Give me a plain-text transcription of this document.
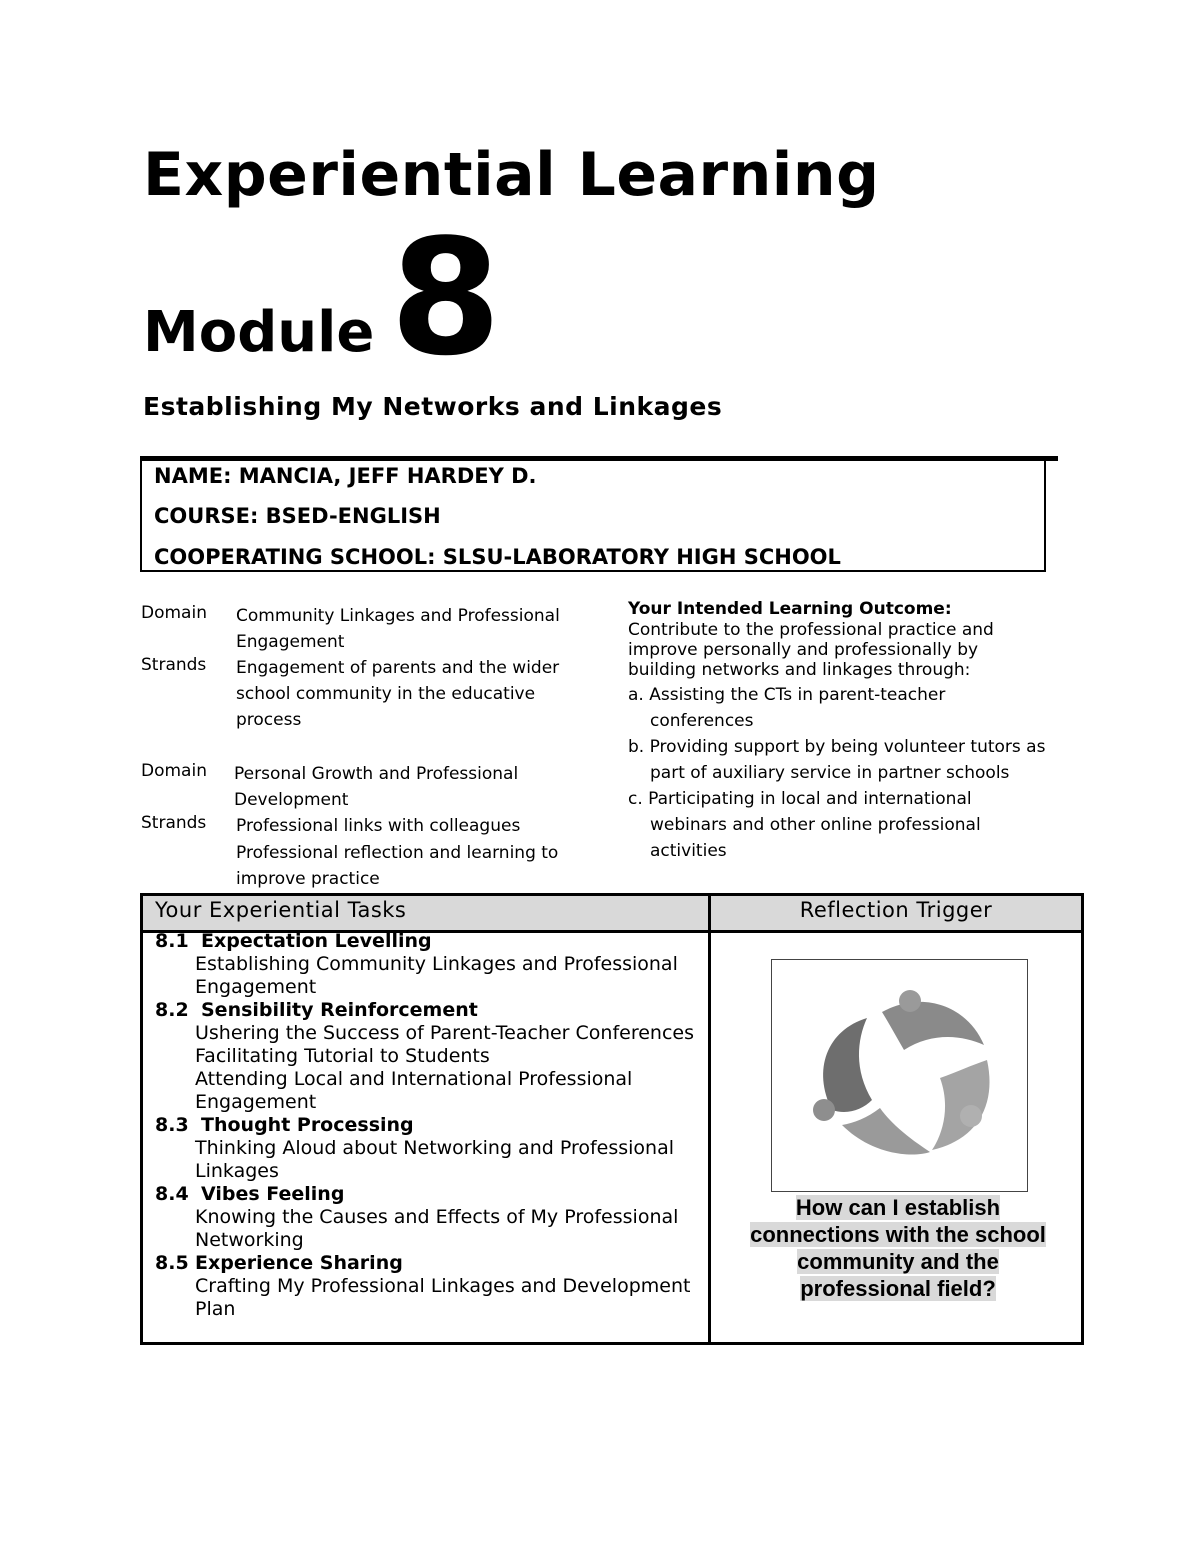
Experiential Learning
Module 8
Establishing My Networks and Linkages
NAME: MANCIA, JEFF HARDEY D.
COURSE: BSED-ENGLISH
COOPERATING SCHOOL: SLSU-LABORATORY HIGH SCHOOL
Domain Community Linkages and Professional Engagement
Strands Engagement of parents and the wider school community in the educative process
Domain Personal Growth and Professional Development
Strands Professional links with colleagues
Professional reflection and learning to improve practice
Your Intended Learning Outcome:
Contribute to the professional practice and improve personally and professionally by building networks and linkages through:
a. Assisting the CTs in parent-teacher conferences
b. Providing support by being volunteer tutors as part of auxiliary service in partner schools
c. Participating in local and international webinars and other online professional activities
Your Experiential Tasks	Reflection Trigger
8.1 Expectation Levelling
Establishing Community Linkages and Professional Engagement
8.2 Sensibility Reinforcement
Ushering the Success of Parent-Teacher Conferences
Facilitating Tutorial to Students
Attending Local and International Professional Engagement
8.3 Thought Processing
Thinking Aloud about Networking and Professional Linkages
8.4 Vibes Feeling
Knowing the Causes and Effects of My Professional Networking
8.5 Experience Sharing
Crafting My Professional Linkages and Development Plan
How can I establish connections with the school community and the professional field?
